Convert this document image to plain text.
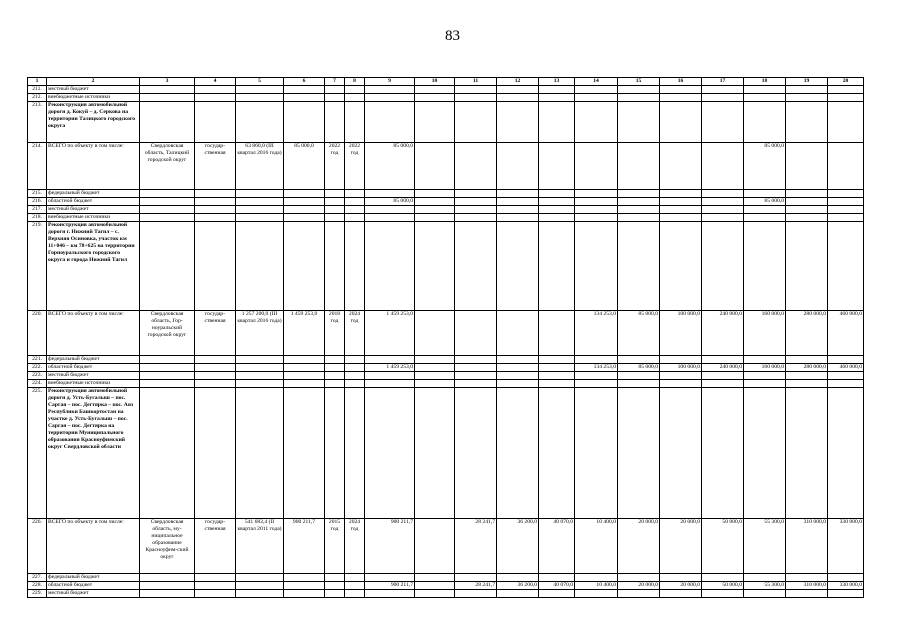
83
1	2	3	4	5	6	7	8	9	10	11	12	13	14	15	16	17	18	19	20
211.	местный бюджет																		
212.	внебюджетные источники																		
213.	Реконструкция автомобильной дороги д. Кокуй – д. Серкова на территории Талицкого городского округа																		
214.	ВСЕГО по объекту в том числе:	Свердловская область, Талицкий городской округ	государ-ственная	63 860,0 (III квартал 2016 года)	85 000,0	2022 год	2022 год	85 000,0									85 000,0		
215.	федеральный бюджет																		
216.	областной бюджет							85 000,0									85 000,0		
217.	местный бюджет																		
218.	внебюджетные источники																		
219.	Реконструкция автомобильной дороги г. Нижний Тагил – с. Верхняя Осиновка, участок км 11+046 – км 78+625 на территории Горноуральского городского округа и города Нижний Тагил																		
220.	ВСЕГО по объекту в том числе:	Свердловская область, Гор-ноуральский городской округ	государ-ственная	1 257 200,0 (III квартал 2016 года)	1 459 253,0	2018 год	2024 год	1 459 253,0					134 253,0	85 000,0	100 000,0	240 000,0	160 000,0	280 000,0	460 000,0
221.	федеральный бюджет																		
222.	областной бюджет							1 459 253,0					134 253,0	85 000,0	100 000,0	240 000,0	160 000,0	280 000,0	460 000,0
223.	местный бюджет																		
224.	внебюджетные источники																		
225.	Реконструкция автомобильной дороги д. Усть-Бугалыш – пос. Саргая – пос. Дегтярка – пос. Аяз Республики Башкортостан на участке д. Усть-Бугалыш – пос. Саргая – пос. Дегтярка на территории Муниципального образования Красноуфимский округ Свердловской области																		
226.	ВСЕГО по объекту в том числе:	Свердловская область, му-ниципальное образование Красноуфим-ский округ	государ-ственная	541 682,4 (II квартал 2011 года)	900 211,7	2015 год	2024 год	900 211,7		28 241,7	36 200,0	40 070,0	10 400,0	20 000,0	20 000,0	50 000,0	55 300,0	310 000,0	330 000,0
227.	федеральный бюджет																		
228.	областной бюджет							900 211,7		28 241,7	36 200,0	40 070,0	10 400,0	20 000,0	20 000,0	50 000,0	55 300,0	310 000,0	330 000,0
229.	местный бюджет																		
